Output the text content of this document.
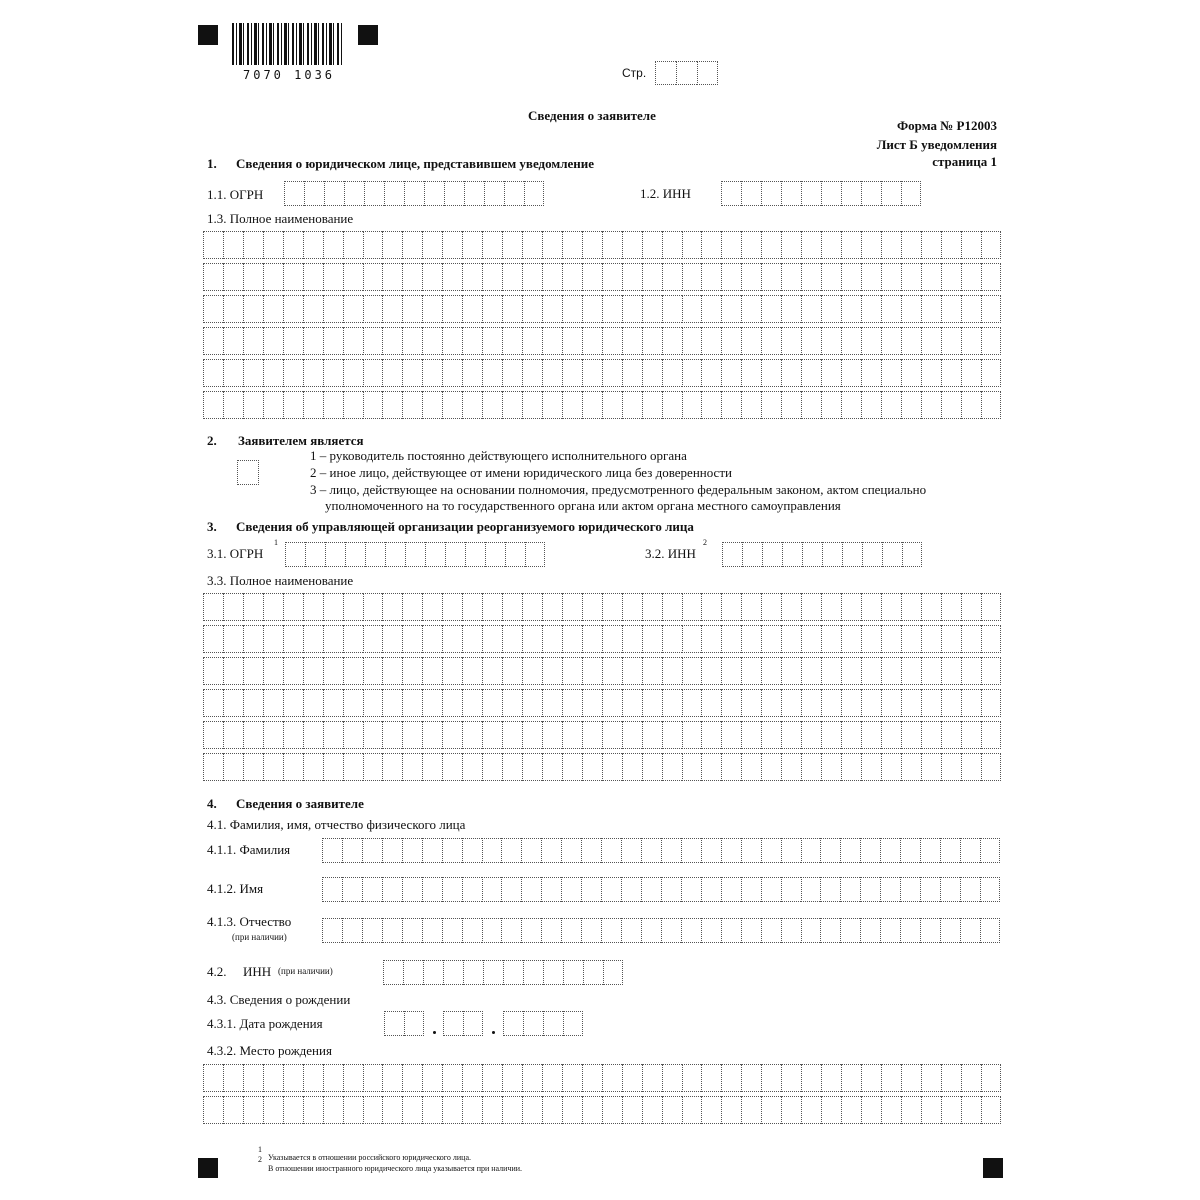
7070 1036	Стр.
Сведения о заявителе
Форма № Р12003
Лист Б уведомления
страница 1
1. Сведения о юридическом лице, представившем уведомление
1.1. ОГРН	1.2. ИНН
1.3. Полное наименование
2. Заявителем является
1 – руководитель постоянно действующего исполнительного органа
2 – иное лицо, действующее от имени юридического лица без доверенности
3 – лицо, действующее на основании полномочия, предусмотренного федеральным законом, актом специально
уполномоченного на то государственного органа или актом органа местного самоуправления
3. Сведения об управляющей организации реорганизуемого юридического лица
3.1. ОГРН
1
3.2. ИНН
2
3.3. Полное наименование
4. Сведения о заявителе
4.1. Фамилия, имя, отчество физического лица
4.1.1. Фамилия
4.1.2. Имя
4.1.3. Отчество
(при наличии)
4.2. ИНН (при наличии)
4.3. Сведения о рождении
4.3.1. Дата рождения
4.3.2. Место рождения
1
Указывается в отношении российского юридического лица.
2
В отношении иностранного юридического лица указывается при наличии.
